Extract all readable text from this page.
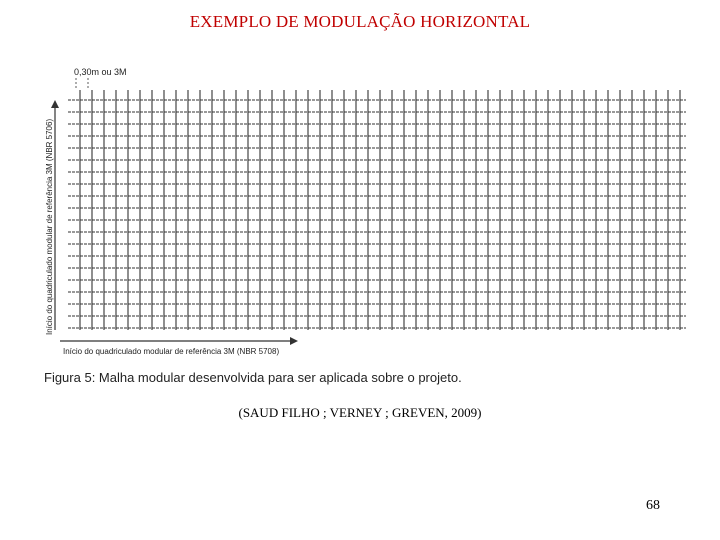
EXEMPLO DE MODULAÇÃO HORIZONTAL
0,30m ou 3M
Início do quadriculado modular de referência 3M (NBR 5706)
Início do quadriculado modular de referência 3M (NBR 5708)
Figura 5: Malha modular desenvolvida para ser aplicada sobre o projeto.
(SAUD FILHO ; VERNEY ; GREVEN, 2009)
68
